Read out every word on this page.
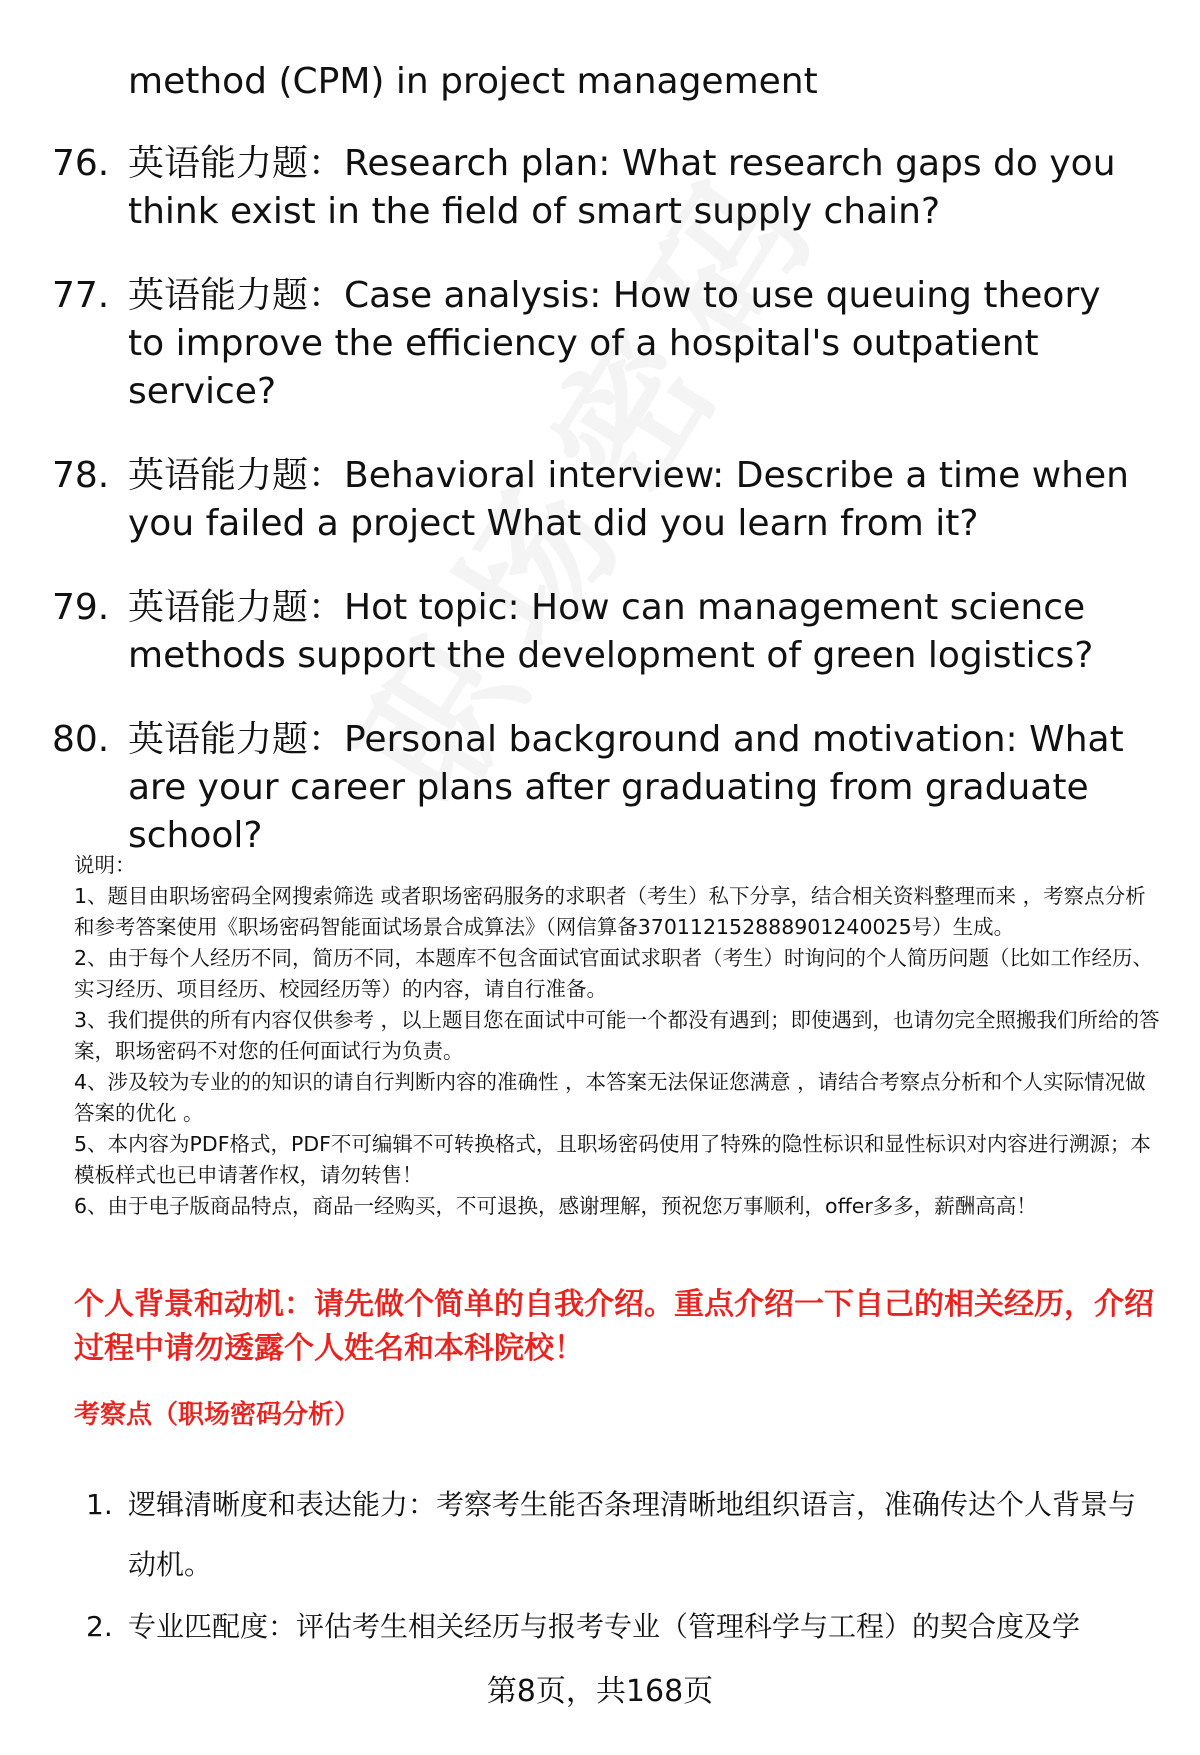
method (CPM) in project management

76. 英语能力题：Research plan: What research gaps do you think exist in the field of smart supply chain?
77. 英语能力题：Case analysis: How to use queuing theory to improve the efficiency of a hospital's outpatient service?
78. 英语能力题：Behavioral interview: Describe a time when you failed a project What did you learn from it?
79. 英语能力题：Hot topic: How can management science methods support the development of green logistics?
80. 英语能力题：Personal background and motivation: What are your career plans after graduating from graduate school?

说明：

1、题目由职场密码全网搜索筛选 或者职场密码服务的求职者（考生）私下分享，结合相关资料整理而来 ，考察点分析和参考答案使用《职场密码智能面试场景合成算法》（网信算备370112152888901240025号）生成。

2、由于每个人经历不同，简历不同，本题库不包含面试官面试求职者（考生）时询问的个人简历问题（比如工作经历、实习经历、项目经历、校园经历等）的内容，请自行准备。

3、我们提供的所有内容仅供参考 ，以上题目您在面试中可能一个都没有遇到；即使遇到，也请勿完全照搬我们所给的答案，职场密码不对您的任何面试行为负责。

4、涉及较为专业的的知识的请自行判断内容的准确性 ，本答案无法保证您满意 ，请结合考察点分析和个人实际情况做答案的优化 。

5、本内容为PDF格式，PDF不可编辑不可转换格式，且职场密码使用了特殊的隐性标识和显性标识对内容进行溯源；本模板样式也已申请著作权，请勿转售！

6、由于电子版商品特点，商品一经购买，不可退换，感谢理解，预祝您万事顺利，offer多多，薪酬高高！

个人背景和动机：请先做个简单的自我介绍。重点介绍一下自己的相关经历，介绍过程中请勿透露个人姓名和本科院校！

考察点（职场密码分析）

1. 逻辑清晰度和表达能力：考察考生能否条理清晰地组织语言，准确传达个人背景与动机。
2. 专业匹配度：评估考生相关经历与报考专业（管理科学与工程）的契合度及学
第8页，共168页
